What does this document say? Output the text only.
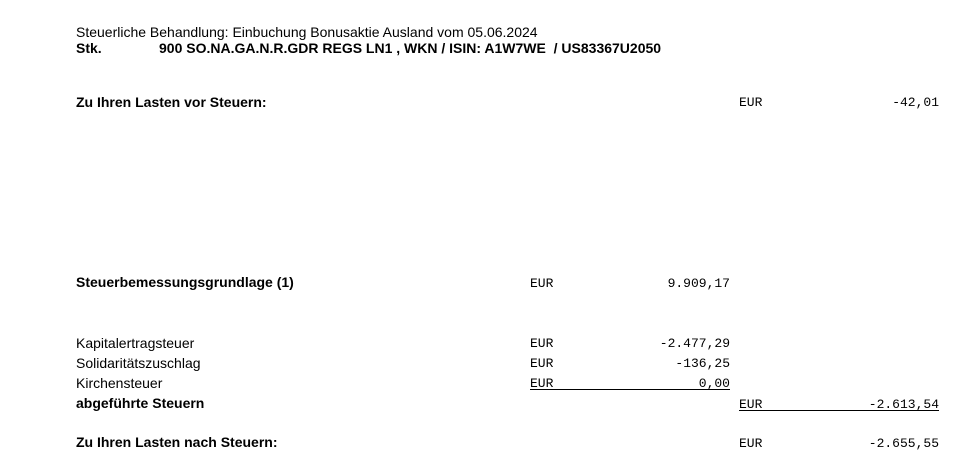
Steuerliche Behandlung: Einbuchung Bonusaktie Ausland vom 05.06.2024
Stk.	900 SO.NA.GA.N.R.GDR REGS LN1 , WKN / ISIN: A1W7WE  / US83367U2050
Zu Ihren Lasten vor Steuern:	EUR	-42,01
Steuerbemessungsgrundlage (1)	EUR	9.909,17
Kapitalertragsteuer	EUR	-2.477,29
Solidaritätszuschlag	EUR	-136,25
Kirchensteuer	EUR	0,00
abgeführte Steuern	EUR	-2.613,54
Zu Ihren Lasten nach Steuern:	EUR	-2.655,55
